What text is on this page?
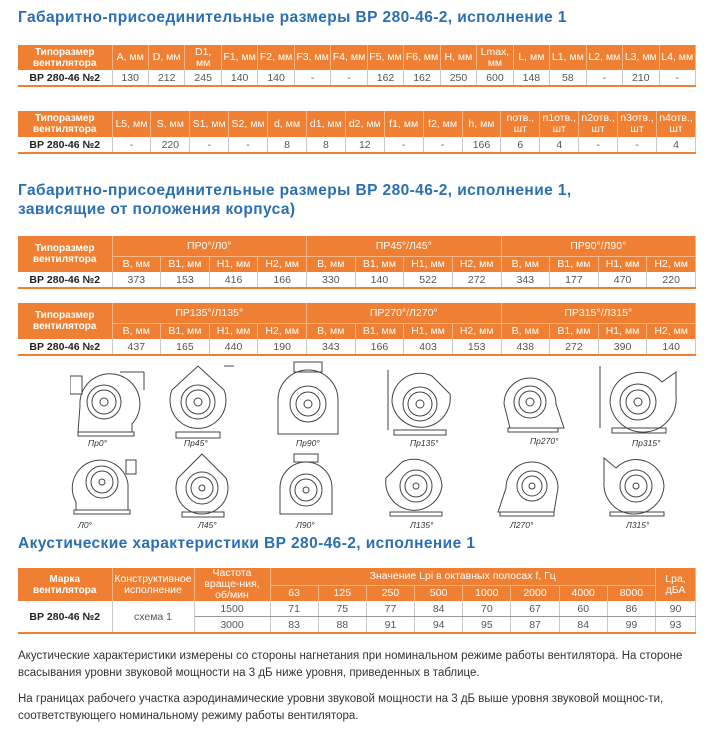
Габаритно-присоединительные размеры ВР 280-46-2, исполнение 1
Типоразмер вентилятора	A, мм	D, мм	D1, мм	F1, мм	F2, мм	F3, мм	F4, мм	F5, мм	F6, мм	H, мм	Lmax, мм	L, мм	L1, мм	L2, мм	L3, мм	L4, мм
ВР 280-46 №2	130	212	245	140	140	-	-	162	162	250	600	148	58	-	210	-
Типоразмер вентилятора	L5, мм	S, мм	S1, мм	S2, мм	d, мм	d1, мм	d2, мм	f1, мм	f2, мм	h, мм	nотв., шт	n1отв., шт	n2отв., шт	n3отв., шт	n4отв., шт
ВР 280-46 №2	-	220	-	-	8	8	12	-	-	166	6	4	-	-	4
Габаритно-присоединительные размеры ВР 280-46-2, исполнение 1,
зависящие от положения корпуса)
Типоразмер вентилятора	ПР0°/Л0°				ПР45°/Л45°				ПР90°/Л90°			
	B, мм	B1, мм	H1, мм	H2, мм	B, мм	B1, мм	H1, мм	H2, мм	B, мм	B1, мм	H1, мм	H2, мм
ВР 280-46 №2	373	153	416	166	330	140	522	272	343	177	470	220
Типоразмер вентилятора	ПР135°/Л135°				ПР270°/Л270°				ПР315°/Л315°			
	B, мм	B1, мм	H1, мм	H2, мм	B, мм	B1, мм	H1, мм	H2, мм	B, мм	B1, мм	H1, мм	H2, мм
ВР 280-46 №2	437	165	440	190	343	166	403	153	438	272	390	140
Пр0°	Пр45°	Пр90°	Пр135°	Пр270°	Пр315°
Л0°	Л45°	Л90°	Л135°	Л270°	Л315°
Акустические характеристики ВР 280-46-2, исполнение 1
Марка вентилятора	Конструктивное исполнение	Частота враще-ния, об/мин	Значение Lpi в октавных полосах f, Гц								Lpa, дБА
			63	125	250	500	1000	2000	4000	8000	
ВР 280-46 №2	схема 1	1500	71	75	77	84	70	67	60	86	90
		3000	83	88	91	94	95	87	84	99	93

Акустические характеристики измерены со стороны нагнетания при номинальном режиме работы вентилятора. На стороне всасывания уровни звуковой мощности на 3 дБ ниже уровня, приведенных в таблице.

На границах рабочего участка аэродинамические уровни звуковой мощности на 3 дБ выше уровня звуковой мощнос-ти, соответствующего номинальному режиму работы вентилятора.
